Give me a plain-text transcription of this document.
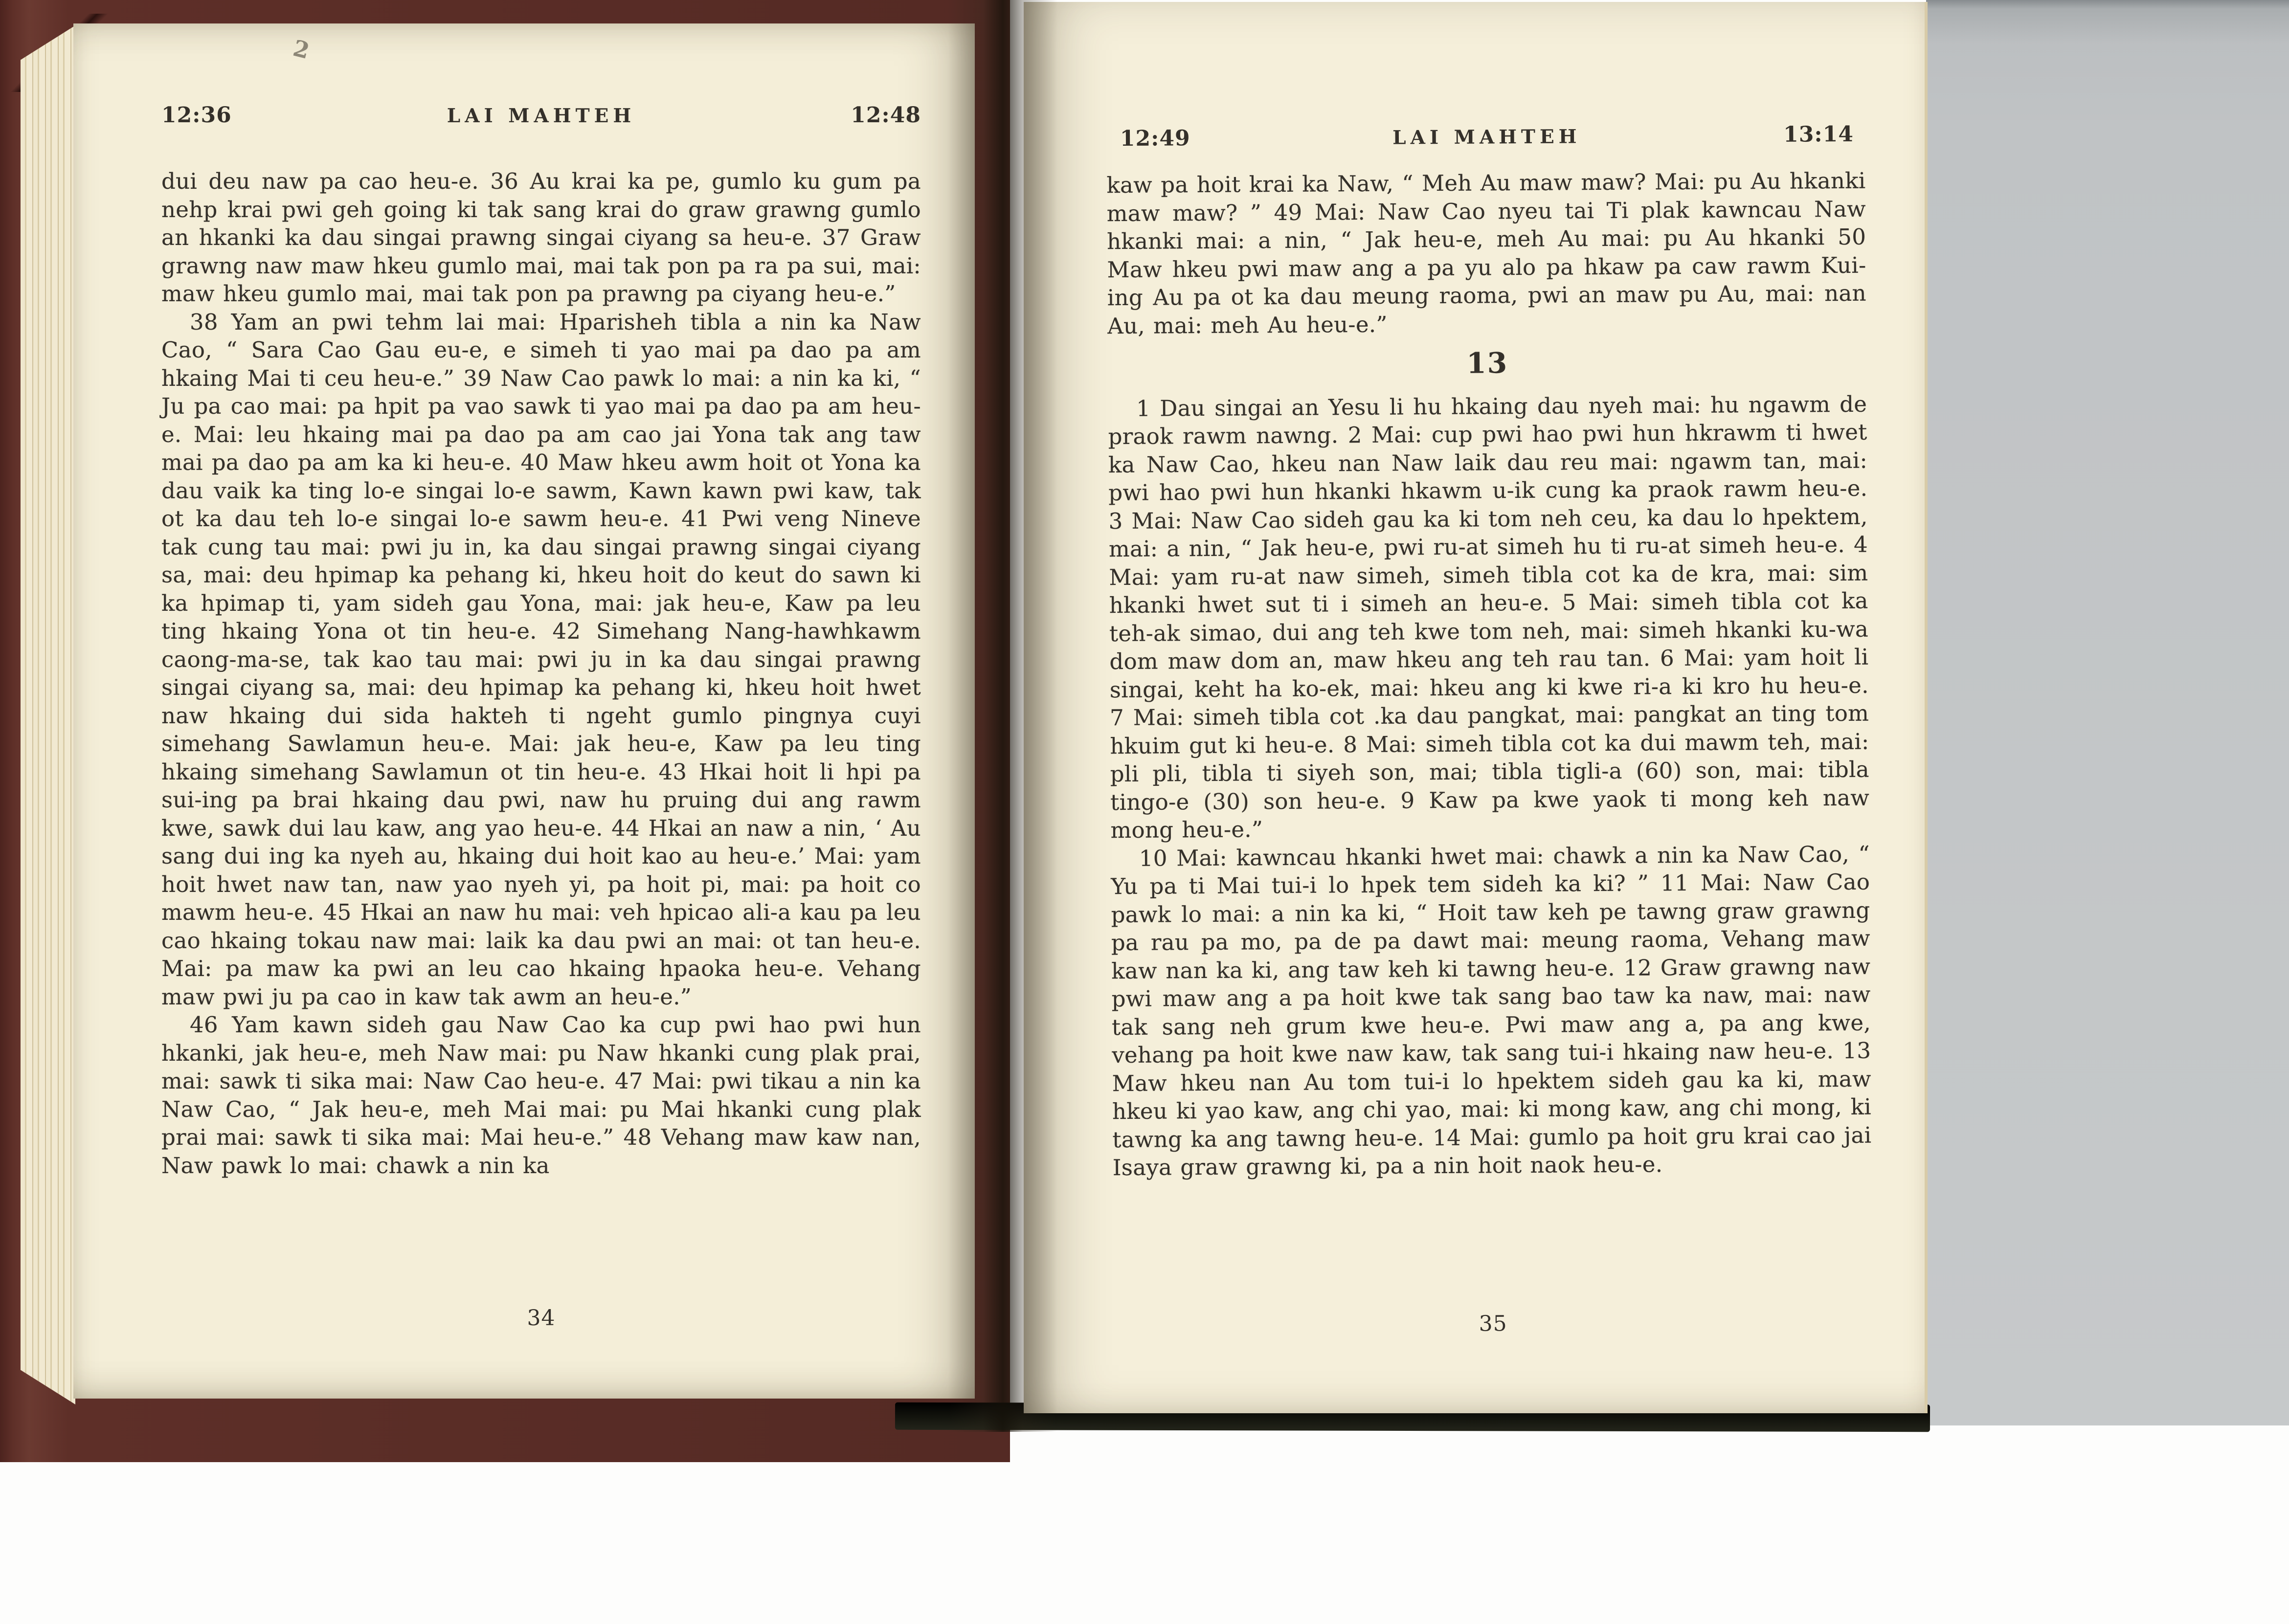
2
12:36	LAI MAHTEH	12:48

dui deu naw pa cao heu-e. 36 Au krai ka pe, gumlo ku gum pa nehp krai pwi geh going ki tak sang krai do graw grawng gumlo an hkanki ka dau singai prawng singai ciyang sa heu-e. 37 Graw grawng naw maw hkeu gumlo mai, mai tak pon pa ra pa sui, mai: maw hkeu gumlo mai, mai tak pon pa prawng pa ciyang heu-e.”

38 Yam an pwi tehm lai mai: Hparisheh tibla a nin ka Naw Cao, “ Sara Cao Gau eu-e, e simeh ti yao mai pa dao pa am hkaing Mai ti ceu heu-e.” 39 Naw Cao pawk lo mai: a nin ka ki, “ Ju pa cao mai: pa hpit pa vao sawk ti yao mai pa dao pa am heu-e. Mai: leu hkaing mai pa dao pa am cao jai Yona tak ang taw mai pa dao pa am ka ki heu-e. 40 Maw hkeu awm hoit ot Yona ka dau vaik ka ting lo-e singai lo-e sawm, Kawn kawn pwi kaw, tak ot ka dau teh lo-e singai lo-e sawm heu-e. 41 Pwi veng Nineve tak cung tau mai: pwi ju in, ka dau singai prawng singai ciyang sa, mai: deu hpimap ka pehang ki, hkeu hoit do keut do sawn ki ka hpimap ti, yam sideh gau Yona, mai: jak heu-e, Kaw pa leu ting hkaing Yona ot tin heu-e. 42 Simehang Nang-hawhkawm caong-ma-se, tak kao tau mai: pwi ju in ka dau singai prawng singai ciyang sa, mai: deu hpimap ka pehang ki, hkeu hoit hwet naw hkaing dui sida hakteh ti ngeht gumlo pingnya cuyi simehang Sawlamun heu-e. Mai: jak heu-e, Kaw pa leu ting hkaing simehang Sawlamun ot tin heu-e. 43 Hkai hoit li hpi pa sui-ing pa brai hkaing dau pwi, naw hu pruing dui ang rawm kwe, sawk dui lau kaw, ang yao heu-e. 44 Hkai an naw a nin, ‘ Au sang dui ing ka nyeh au, hkaing dui hoit kao au heu-e.’ Mai: yam hoit hwet naw tan, naw yao nyeh yi, pa hoit pi, mai: pa hoit co mawm heu-e. 45 Hkai an naw hu mai: veh hpicao ali-a kau pa leu cao hkaing tokau naw mai: laik ka dau pwi an mai: ot tan heu-e. Mai: pa maw ka pwi an leu cao hkaing hpaoka heu-e. Vehang maw pwi ju pa cao in kaw tak awm an heu-e.”

46 Yam kawn sideh gau Naw Cao ka cup pwi hao pwi hun hkanki, jak heu-e, meh Naw mai: pu Naw hkanki cung plak prai, mai: sawk ti sika mai: Naw Cao heu-e. 47 Mai: pwi tikau a nin ka Naw Cao, “ Jak heu-e, meh Mai mai: pu Mai hkanki cung plak prai mai: sawk ti sika mai: Mai heu-e.” 48 Vehang maw kaw nan, Naw pawk lo mai: chawk a nin ka

34
12:49	LAI MAHTEH	13:14

kaw pa hoit krai ka Naw, “ Meh Au maw maw? Mai: pu Au hkanki maw maw? ” 49 Mai: Naw Cao nyeu tai Ti plak kawncau Naw hkanki mai: a nin, “ Jak heu-e, meh Au mai: pu Au hkanki 50 Maw hkeu pwi maw ang a pa yu alo pa hkaw pa caw rawm Kui-ing Au pa ot ka dau meung raoma, pwi an maw pu Au, mai: nan Au, mai: meh Au heu-e.”

13

1 Dau singai an Yesu li hu hkaing dau nyeh mai: hu ngawm de praok rawm nawng. 2 Mai: cup pwi hao pwi hun hkrawm ti hwet ka Naw Cao, hkeu nan Naw laik dau reu mai: ngawm tan, mai: pwi hao pwi hun hkanki hkawm u-ik cung ka praok rawm heu-e. 3 Mai: Naw Cao sideh gau ka ki tom neh ceu, ka dau lo hpektem, mai: a nin, “ Jak heu-e, pwi ru-at simeh hu ti ru-at simeh heu-e. 4 Mai: yam ru-at naw simeh, simeh tibla cot ka de kra, mai: sim hkanki hwet sut ti i simeh an heu-e. 5 Mai: simeh tibla cot ka teh-ak simao, dui ang teh kwe tom neh, mai: simeh hkanki ku-wa dom maw dom an, maw hkeu ang teh rau tan. 6 Mai: yam hoit li singai, keht ha ko-ek, mai: hkeu ang ki kwe ri-a ki kro hu heu-e. 7 Mai: simeh tibla cot .ka dau pangkat, mai: pangkat an ting tom hkuim gut ki heu-e. 8 Mai: simeh tibla cot ka dui mawm teh, mai: pli pli, tibla ti siyeh son, mai; tibla tigli-a (60) son, mai: tibla tingo-e (30) son heu-e. 9 Kaw pa kwe yaok ti mong keh naw mong heu-e.”

10 Mai: kawncau hkanki hwet mai: chawk a nin ka Naw Cao, “ Yu pa ti Mai tui-i lo hpek tem sideh ka ki? ” 11 Mai: Naw Cao pawk lo mai: a nin ka ki, “ Hoit taw keh pe tawng graw grawng pa rau pa mo, pa de pa dawt mai: meung raoma, Vehang maw kaw nan ka ki, ang taw keh ki tawng heu-e. 12 Graw grawng naw pwi maw ang a pa hoit kwe tak sang bao taw ka naw, mai: naw tak sang neh grum kwe heu-e. Pwi maw ang a, pa ang kwe, vehang pa hoit kwe naw kaw, tak sang tui-i hkaing naw heu-e. 13 Maw hkeu nan Au tom tui-i lo hpektem sideh gau ka ki, maw hkeu ki yao kaw, ang chi yao, mai: ki mong kaw, ang chi mong, ki tawng ka ang tawng heu-e. 14 Mai: gumlo pa hoit gru krai cao jai Isaya graw grawng ki, pa a nin hoit naok heu-e.

35
